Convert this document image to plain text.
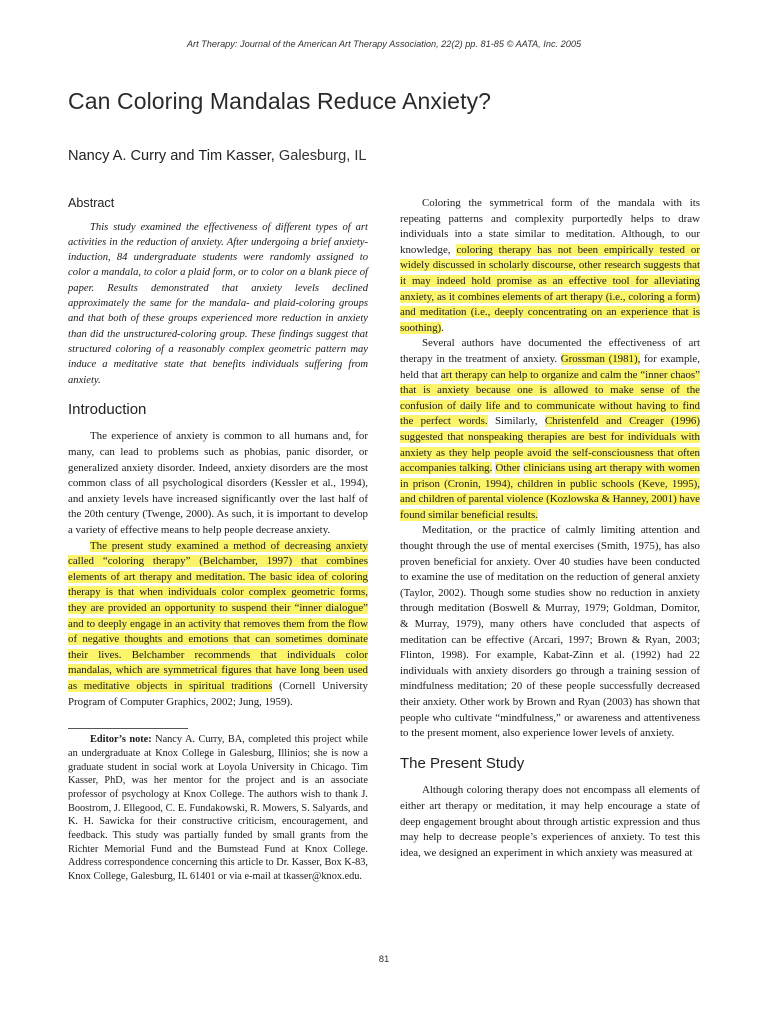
Art Therapy: Journal of the American Art Therapy Association, 22(2) pp. 81-85 © AATA, Inc. 2005
Can Coloring Mandalas Reduce Anxiety?
Nancy A. Curry and Tim Kasser, Galesburg, IL
Abstract

This study examined the effectiveness of different types of art activities in the reduction of anxiety. After undergoing a brief anxiety-induction, 84 undergraduate students were randomly assigned to color a mandala, to color a plaid form, or to color on a blank piece of paper. Results demonstrated that anxiety levels declined approximately the same for the mandala- and plaid-coloring groups and that both of these groups experienced more reduction in anxiety than did the unstructured-coloring group. These findings suggest that structured coloring of a reasonably complex geometric pattern may induce a meditative state that benefits individuals suffering from anxiety.

Introduction

The experience of anxiety is common to all humans and, for many, can lead to problems such as phobias, panic disorder, or generalized anxiety disorder. Indeed, anxiety disorders are the most common class of all psychological disorders (Kessler et al., 1994), and anxiety levels have increased significantly over the last half of the 20th century (Twenge, 2000). As such, it is important to develop a variety of effective means to help people decrease anxiety.

The present study examined a method of decreasing anxiety called “coloring therapy” (Belchamber, 1997) that combines elements of art therapy and meditation. The basic idea of coloring therapy is that when individuals color complex geometric forms, they are provided an opportunity to suspend their “inner dialogue” and to deeply engage in an activity that removes them from the flow of negative thoughts and emotions that can sometimes dominate their lives. Belchamber recommends that individuals color mandalas, which are symmetrical figures that have long been used as meditative objects in spiritual traditions (Cornell University Program of Computer Graphics, 2002; Jung, 1959).

Editor’s note: Nancy A. Curry, BA, completed this project while an undergraduate at Knox College in Galesburg, Illinios; she is now a graduate student in social work at Loyola University in Chicago. Tim Kasser, PhD, was her mentor for the project and is an associate professor of psychology at Knox College. The authors wish to thank J. Boostrom, J. Ellegood, C. E. Fundakowski, R. Mowers, S. Salyards, and K. H. Sawicka for their constructive criticism, encouragement, and feedback. This study was partially funded by small grants from the Richter Memorial Fund and the Bumstead Fund at Knox College. Address correspondence concerning this article to Dr. Kasser, Box K-83, Knox College, Galesburg, IL 61401 or via e-mail at tkasser@knox.edu.

Coloring the symmetrical form of the mandala with its repeating patterns and complexity purportedly helps to draw individuals into a state similar to meditation. Although, to our knowledge, coloring therapy has not been empirically tested or widely discussed in scholarly discourse, other research suggests that it may indeed hold promise as an effective tool for alleviating anxiety, as it combines elements of art therapy (i.e., coloring a form) and meditation (i.e., deeply concentrating on an experience that is soothing).

Several authors have documented the effectiveness of art therapy in the treatment of anxiety. Grossman (1981), for example, held that art therapy can help to organize and calm the “inner chaos” that is anxiety because one is allowed to make sense of the confusion of daily life and to communicate without having to find the perfect words. Similarly, Christenfeld and Creager (1996) suggested that nonspeaking therapies are best for individuals with anxiety as they help people avoid the self-consciousness that often accompanies talking. Other clinicians using art therapy with women in prison (Cronin, 1994), children in public schools (Keve, 1995), and children of parental violence (Kozlowska & Hanney, 2001) have found similar beneficial results.

Meditation, or the practice of calmly limiting attention and thought through the use of mental exercises (Smith, 1975), has also proven beneficial for anxiety. Over 40 studies have been conducted to examine the use of meditation on the reduction of general anxiety (Taylor, 2002). Though some studies show no reduction in anxiety through meditation (Boswell & Murray, 1979; Goldman, Domitor, & Murray, 1979), many others have concluded that aspects of meditation can be effective (Arcari, 1997; Brown & Ryan, 2003; Flinton, 1998). For example, Kabat-Zinn et al. (1992) had 22 individuals with anxiety disorders go through a training session of mindfulness meditation; 20 of these people successfully decreased their anxiety. Other work by Brown and Ryan (2003) has shown that people who cultivate “mindfulness,” or awareness and attentiveness to the present moment, also experience lower levels of anxiety.

The Present Study

Although coloring therapy does not encompass all elements of either art therapy or meditation, it may help encourage a state of deep engagement brought about through artistic expression and thus may help to decrease people’s experiences of anxiety. To test this idea, we designed an experiment in which anxiety was measured at

81
